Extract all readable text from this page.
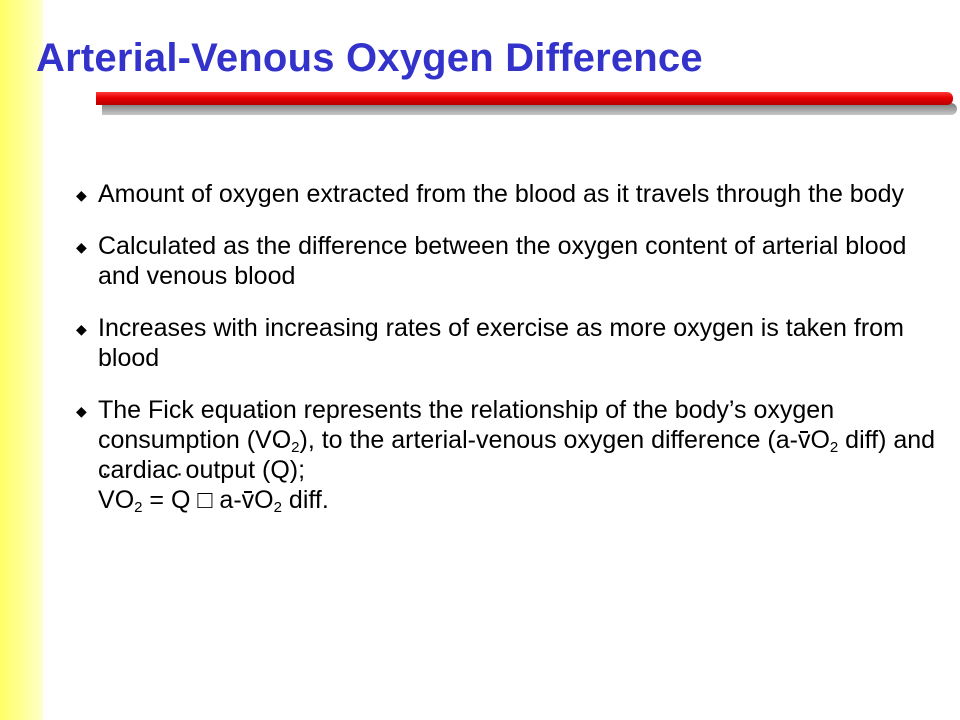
Arterial-Venous Oxygen Difference
◆ Amount of oxygen extracted from the blood as it travels through the body
◆ Calculated as the difference between the oxygen content of arterial blood and venous blood
◆ Increases with increasing rates of exercise as more oxygen is taken from blood
◆ The Fick equation represents the relationship of the body’s oxygen consumption (˙ $VO_2$), to the arterial-venous oxygen difference ($a-vO_2$ diff) and cardiac output (˙ Q);
˙ $VO_2$ = ˙ Q □ $a-vO_2$ diff.
